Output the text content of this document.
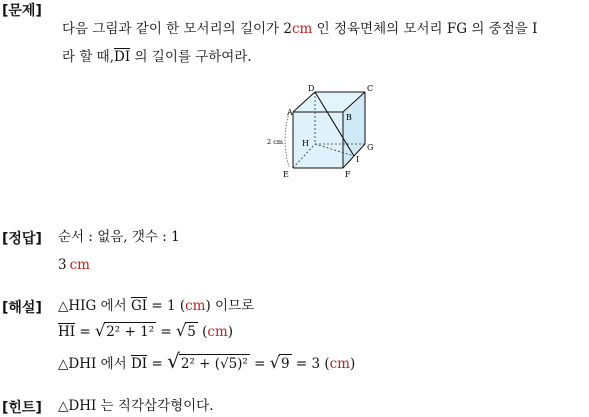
[문제]
다음 그림과 같이 한 모서리의 길이가 2cm 인 정육면체의 모서리 FG 의 중점을 I
라 할 때$,\overline{DI}$ 의 길이를 구하여라.
A
D	C
B
H	G
I
E	F
2 cm
[정답] 순서 : 없음, 갯수 : 1
3 cm
[해설] △HIG 에서 $\overline{GI} = 1$ (cm) 이므로
$\overline{HI} = √2^2 + 1^2 = √5$ (cm)
△DHI 에서 $\overline{DI} = √2^2 + (√5)^2 = √9 = 3$ (cm)
[힌트] △DHI 는 직각삼각형이다.
